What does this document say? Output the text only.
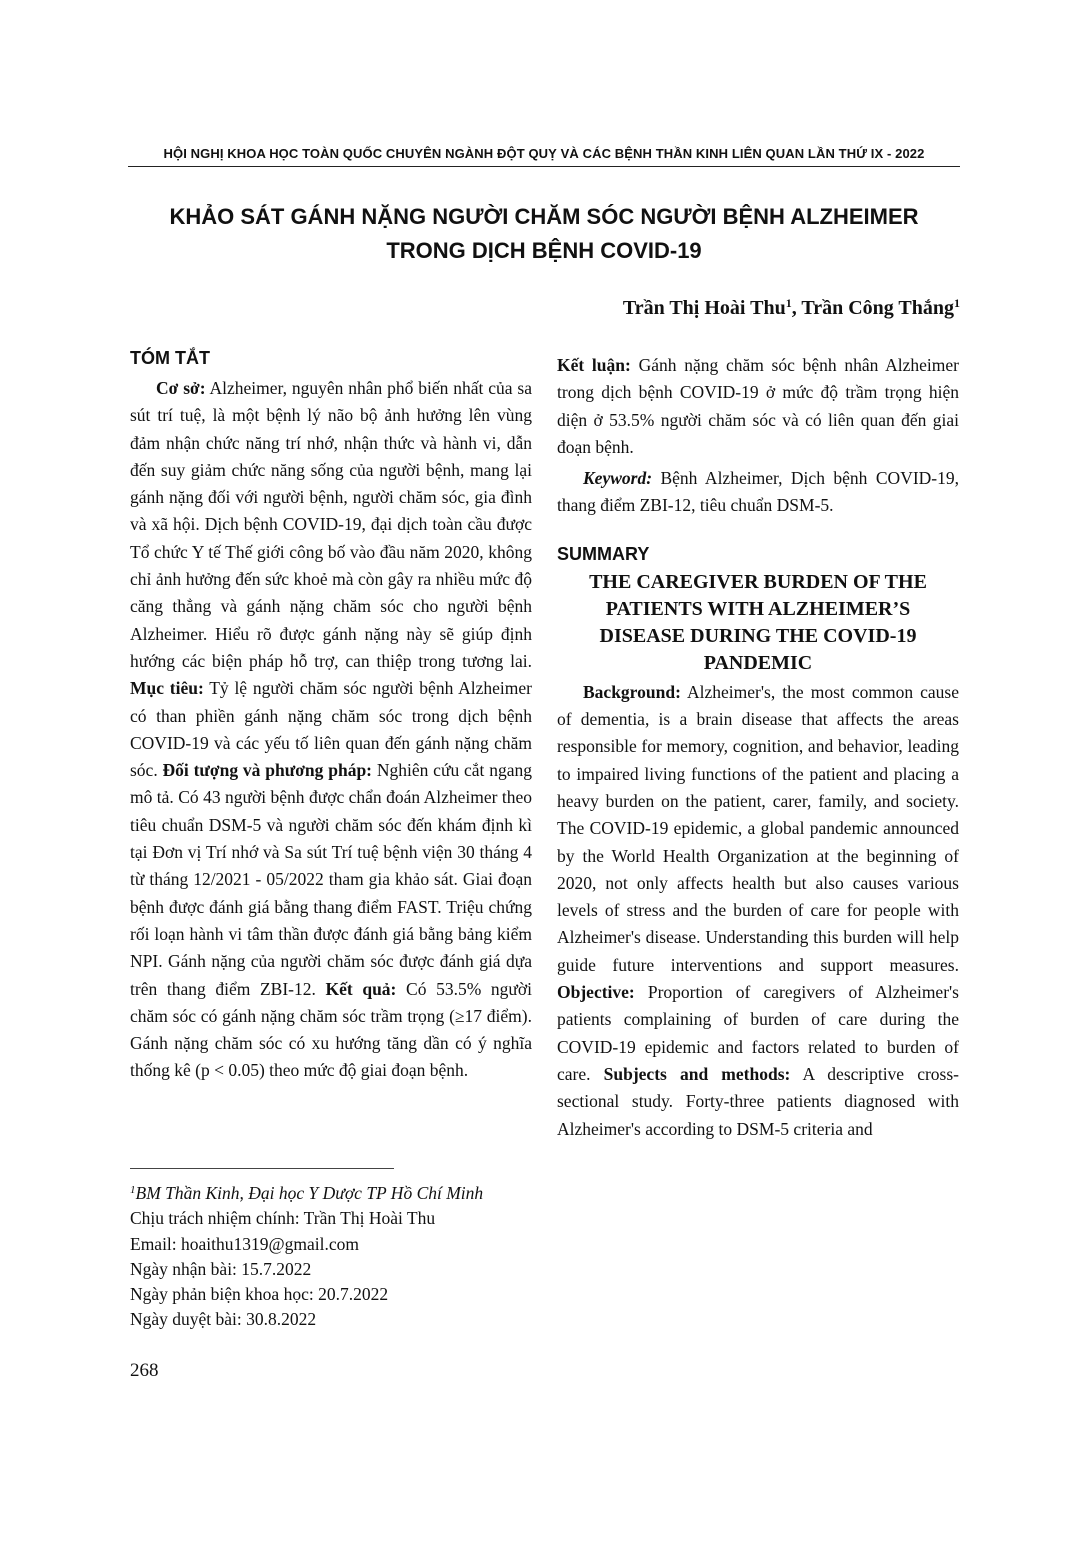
HỘI NGHỊ KHOA HỌC TOÀN QUỐC CHUYÊN NGÀNH ĐỘT QUỴ VÀ CÁC BỆNH THẦN KINH LIÊN QUAN LẦN THỨ IX - 2022
KHẢO SÁT GÁNH NẶNG NGƯỜI CHĂM SÓC NGƯỜI BỆNH ALZHEIMER
TRONG DỊCH BỆNH COVID-19
Trần Thị Hoài Thu$^1$, Trần Công Thắng$^1$
TÓM TẮT

Cơ sở: Alzheimer, nguyên nhân phổ biến nhất của sa sút trí tuệ, là một bệnh lý não bộ ảnh hưởng lên vùng đảm nhận chức năng trí nhớ, nhận thức và hành vi, dẫn đến suy giảm chức năng sống của người bệnh, mang lại gánh nặng đối với người bệnh, người chăm sóc, gia đình và xã hội. Dịch bệnh COVID-19, đại dịch toàn cầu được Tổ chức Y tế Thế giới công bố vào đầu năm 2020, không chỉ ảnh hưởng đến sức khoẻ mà còn gây ra nhiều mức độ căng thẳng và gánh nặng chăm sóc cho người bệnh Alzheimer. Hiểu rõ được gánh nặng này sẽ giúp định hướng các biện pháp hỗ trợ, can thiệp trong tương lai. Mục tiêu: Tỷ lệ người chăm sóc người bệnh Alzheimer có than phiền gánh nặng chăm sóc trong dịch bệnh COVID-19 và các yếu tố liên quan đến gánh nặng chăm sóc. Đối tượng và phương pháp: Nghiên cứu cắt ngang mô tả. Có 43 người bệnh được chẩn đoán Alzheimer theo tiêu chuẩn DSM-5 và người chăm sóc đến khám định kì tại Đơn vị Trí nhớ và Sa sút Trí tuệ bệnh viện 30 tháng 4 từ tháng 12/2021 - 05/2022 tham gia khảo sát. Giai đoạn bệnh được đánh giá bằng thang điểm FAST. Triệu chứng rối loạn hành vi tâm thần được đánh giá bằng bảng kiểm NPI. Gánh nặng của người chăm sóc được đánh giá dựa trên thang điểm ZBI-12. Kết quả: Có 53.5% người chăm sóc có gánh nặng chăm sóc trầm trọng (≥17 điểm). Gánh nặng chăm sóc có xu hướng tăng dần có ý nghĩa thống kê (p < 0.05) theo mức độ giai đoạn bệnh.

Kết luận: Gánh nặng chăm sóc bệnh nhân Alzheimer trong dịch bệnh COVID-19 ở mức độ trầm trọng hiện diện ở 53.5% người chăm sóc và có liên quan đến giai đoạn bệnh.

Keyword: Bệnh Alzheimer, Dịch bệnh COVID-19, thang điểm ZBI-12, tiêu chuẩn DSM-5.

SUMMARY
THE CAREGIVER BURDEN OF THE
PATIENTS WITH ALZHEIMER’S
DISEASE DURING THE COVID-19
PANDEMIC

Background: Alzheimer's, the most common cause of dementia, is a brain disease that affects the areas responsible for memory, cognition, and behavior, leading to impaired living functions of the patient and placing a heavy burden on the patient, carer, family, and society. The COVID-19 epidemic, a global pandemic announced by the World Health Organization at the beginning of 2020, not only affects health but also causes various levels of stress and the burden of care for people with Alzheimer's disease. Understanding this burden will help guide future interventions and support measures. Objective: Proportion of caregivers of Alzheimer's patients complaining of burden of care during the COVID-19 epidemic and factors related to burden of care. Subjects and methods: A descriptive cross-sectional study. Forty-three patients diagnosed with Alzheimer's according to DSM-5 criteria and

$^1$BM Thần Kinh, Đại học Y Dược TP Hồ Chí Minh
Chịu trách nhiệm chính: Trần Thị Hoài Thu
Email: hoaithu1319@gmail.com
Ngày nhận bài: 15.7.2022
Ngày phản biện khoa học: 20.7.2022
Ngày duyệt bài: 30.8.2022
268
